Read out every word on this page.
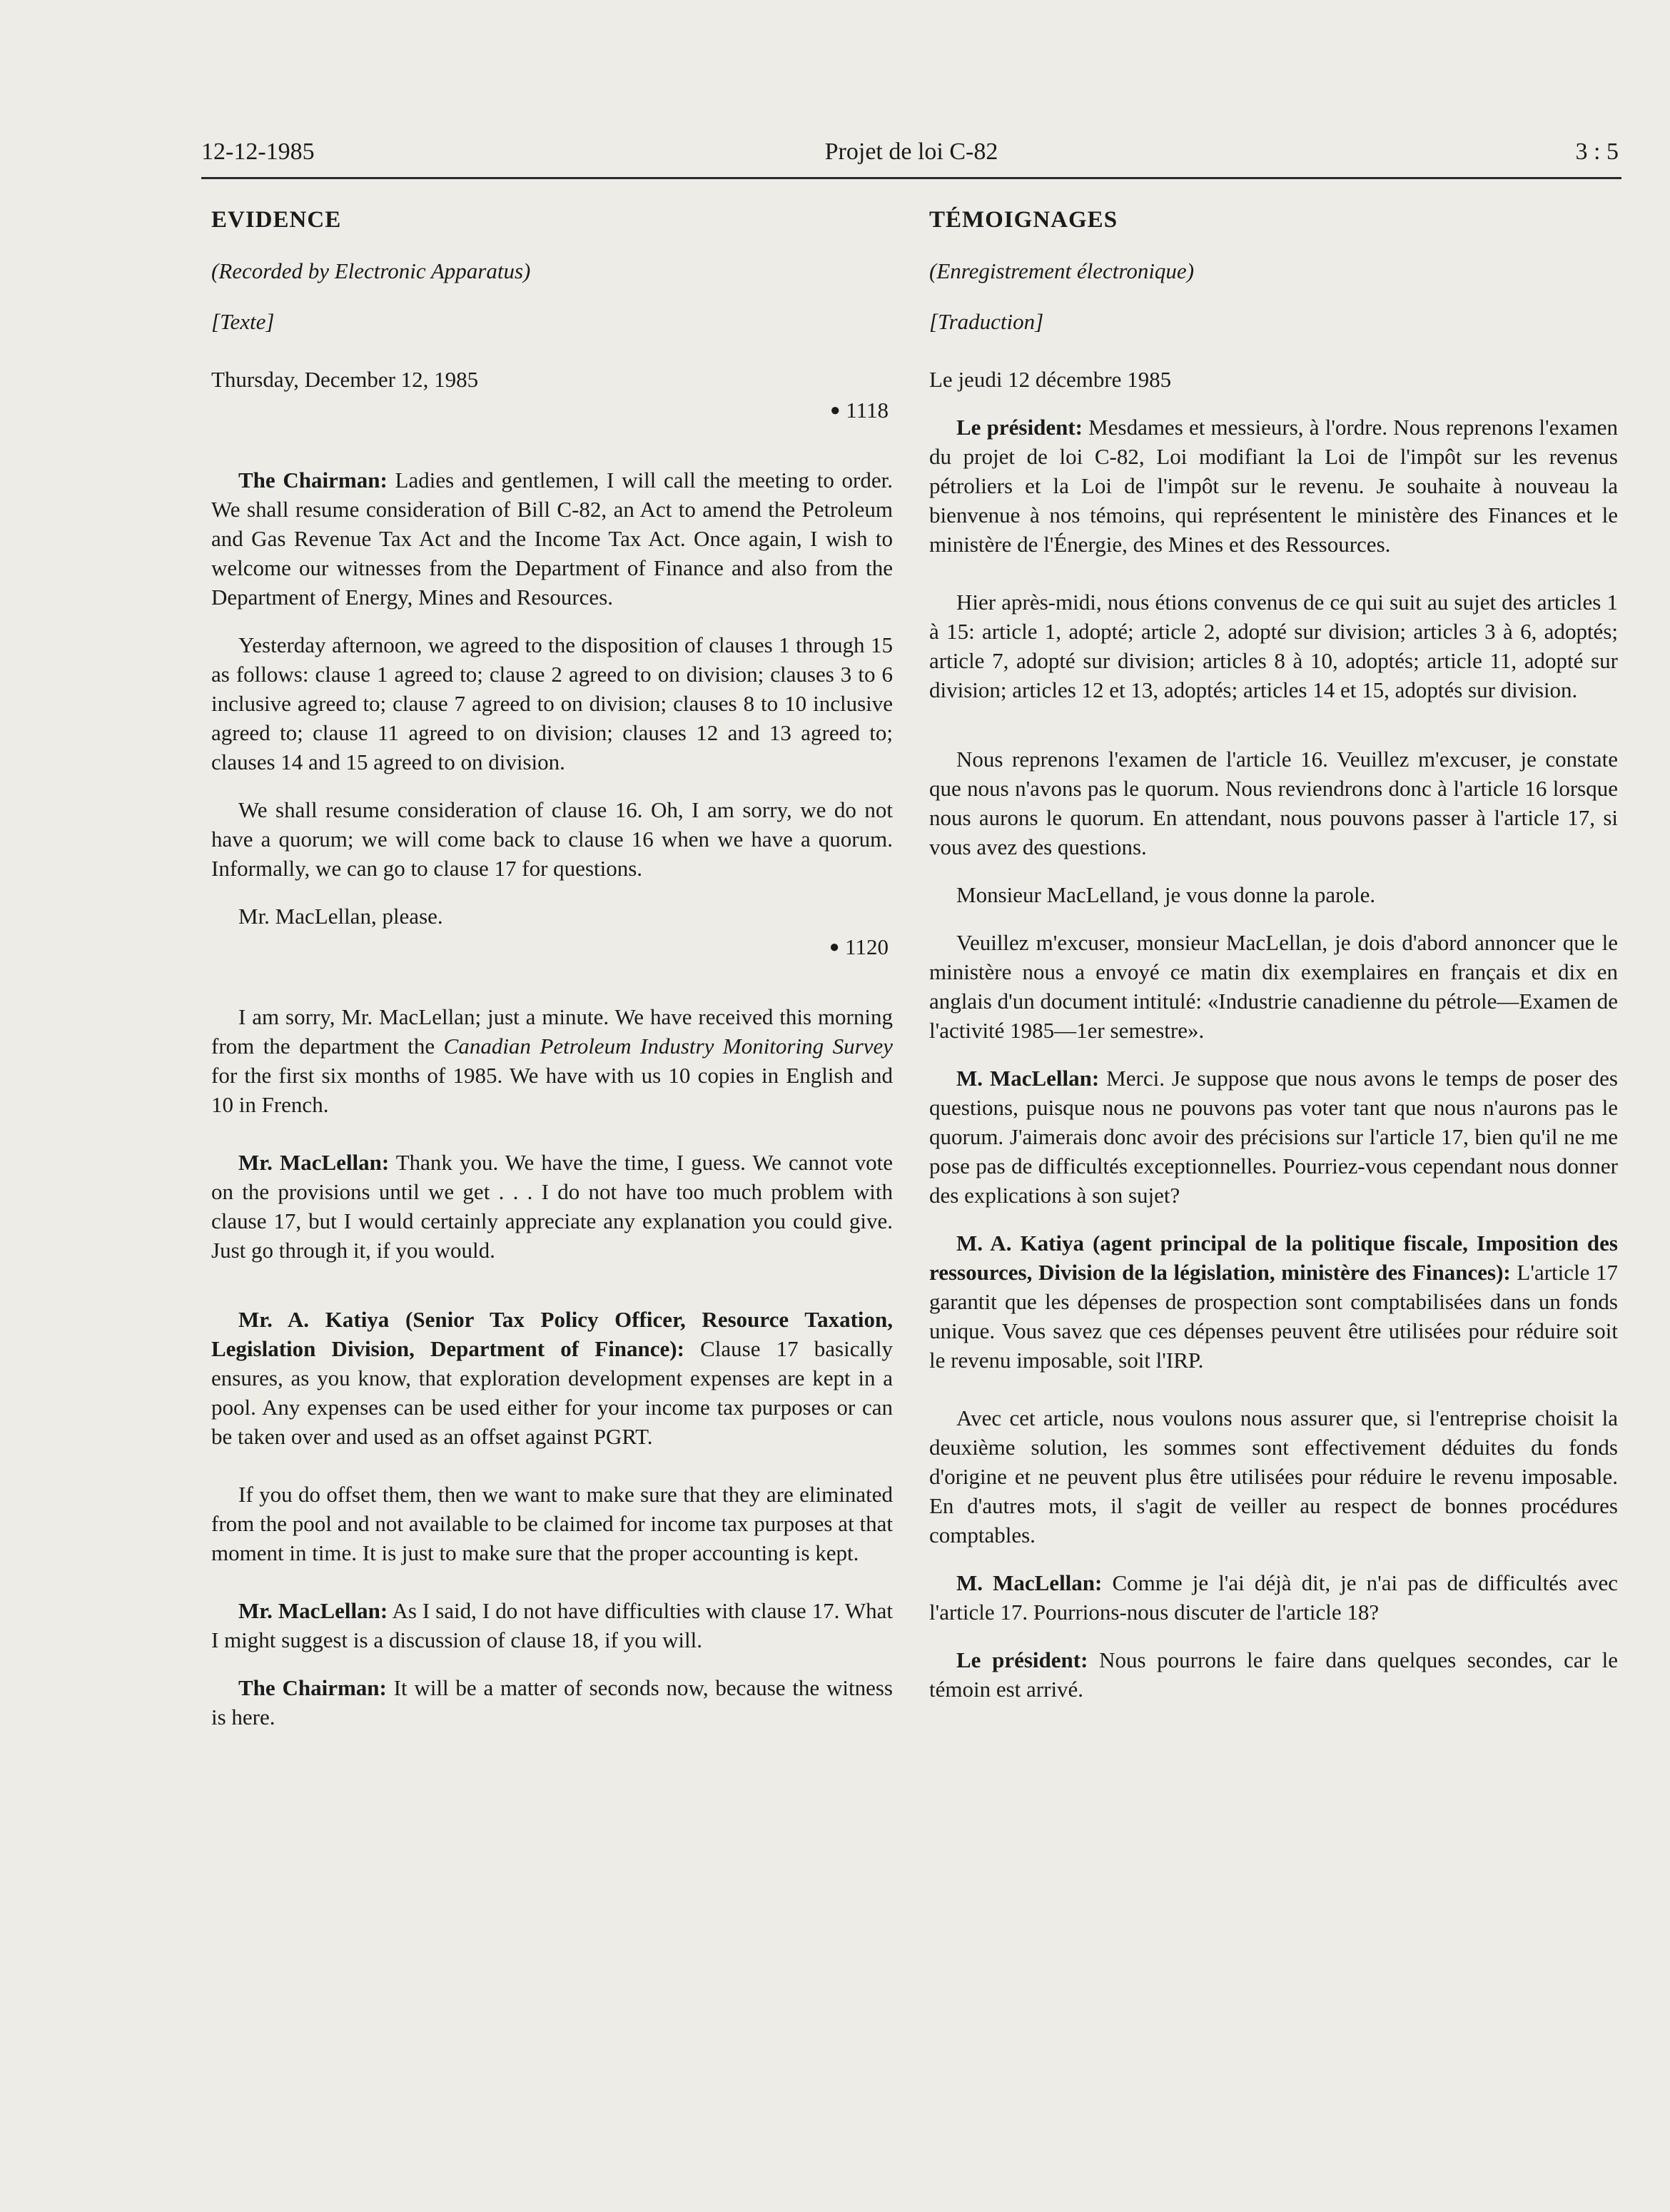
12-12-1985	Projet de loi C-82	3 : 5

EVIDENCE

(Recorded by Electronic Apparatus)

[Texte]

Thursday, December 12, 1985

● 1118

The Chairman: Ladies and gentlemen, I will call the meeting to order. We shall resume consideration of Bill C-82, an Act to amend the Petroleum and Gas Revenue Tax Act and the Income Tax Act. Once again, I wish to welcome our witnesses from the Department of Finance and also from the Department of Energy, Mines and Resources.

Yesterday afternoon, we agreed to the disposition of clauses 1 through 15 as follows: clause 1 agreed to; clause 2 agreed to on division; clauses 3 to 6 inclusive agreed to; clause 7 agreed to on division; clauses 8 to 10 inclusive agreed to; clause 11 agreed to on division; clauses 12 and 13 agreed to; clauses 14 and 15 agreed to on division.

We shall resume consideration of clause 16. Oh, I am sorry, we do not have a quorum; we will come back to clause 16 when we have a quorum. Informally, we can go to clause 17 for questions.

Mr. MacLellan, please.

● 1120

I am sorry, Mr. MacLellan; just a minute. We have received this morning from the department the Canadian Petroleum Industry Monitoring Survey for the first six months of 1985. We have with us 10 copies in English and 10 in French.

Mr. MacLellan: Thank you. We have the time, I guess. We cannot vote on the provisions until we get . . . I do not have too much problem with clause 17, but I would certainly appreciate any explanation you could give. Just go through it, if you would.

Mr. A. Katiya (Senior Tax Policy Officer, Resource Taxation, Legislation Division, Department of Finance): Clause 17 basically ensures, as you know, that exploration development expenses are kept in a pool. Any expenses can be used either for your income tax purposes or can be taken over and used as an offset against PGRT.

If you do offset them, then we want to make sure that they are eliminated from the pool and not available to be claimed for income tax purposes at that moment in time. It is just to make sure that the proper accounting is kept.

Mr. MacLellan: As I said, I do not have difficulties with clause 17. What I might suggest is a discussion of clause 18, if you will.

The Chairman: It will be a matter of seconds now, because the witness is here.

TÉMOIGNAGES

(Enregistrement électronique)

[Traduction]

Le jeudi 12 décembre 1985

Le président: Mesdames et messieurs, à l'ordre. Nous reprenons l'examen du projet de loi C-82, Loi modifiant la Loi de l'impôt sur les revenus pétroliers et la Loi de l'impôt sur le revenu. Je souhaite à nouveau la bienvenue à nos témoins, qui représentent le ministère des Finances et le ministère de l'Énergie, des Mines et des Ressources.

Hier après-midi, nous étions convenus de ce qui suit au sujet des articles 1 à 15: article 1, adopté; article 2, adopté sur division; articles 3 à 6, adoptés; article 7, adopté sur division; articles 8 à 10, adoptés; article 11, adopté sur division; articles 12 et 13, adoptés; articles 14 et 15, adoptés sur division.

Nous reprenons l'examen de l'article 16. Veuillez m'excuser, je constate que nous n'avons pas le quorum. Nous reviendrons donc à l'article 16 lorsque nous aurons le quorum. En attendant, nous pouvons passer à l'article 17, si vous avez des questions.

Monsieur MacLelland, je vous donne la parole.

Veuillez m'excuser, monsieur MacLellan, je dois d'abord annoncer que le ministère nous a envoyé ce matin dix exemplaires en français et dix en anglais d'un document intitulé: «Industrie canadienne du pétrole—Examen de l'activité 1985—1er semestre».

M. MacLellan: Merci. Je suppose que nous avons le temps de poser des questions, puisque nous ne pouvons pas voter tant que nous n'aurons pas le quorum. J'aimerais donc avoir des précisions sur l'article 17, bien qu'il ne me pose pas de difficultés exceptionnelles. Pourriez-vous cependant nous donner des explications à son sujet?

M. A. Katiya (agent principal de la politique fiscale, Imposition des ressources, Division de la législation, ministère des Finances): L'article 17 garantit que les dépenses de prospection sont comptabilisées dans un fonds unique. Vous savez que ces dépenses peuvent être utilisées pour réduire soit le revenu imposable, soit l'IRP.

Avec cet article, nous voulons nous assurer que, si l'entreprise choisit la deuxième solution, les sommes sont effectivement déduites du fonds d'origine et ne peuvent plus être utilisées pour réduire le revenu imposable. En d'autres mots, il s'agit de veiller au respect de bonnes procédures comptables.

M. MacLellan: Comme je l'ai déjà dit, je n'ai pas de difficultés avec l'article 17. Pourrions-nous discuter de l'article 18?

Le président: Nous pourrons le faire dans quelques secondes, car le témoin est arrivé.
